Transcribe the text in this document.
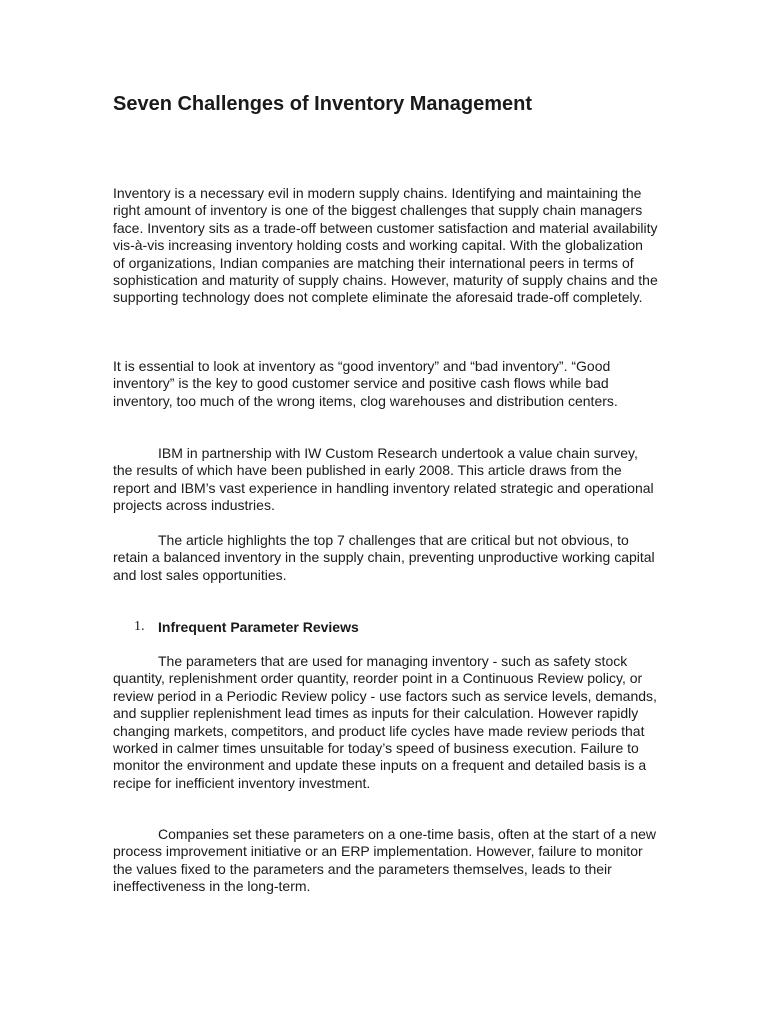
Seven Challenges of Inventory Management

Inventory is a necessary evil in modern supply chains. Identifying and maintaining the right amount of inventory is one of the biggest challenges that supply chain managers face. Inventory sits as a trade-off between customer satisfaction and material availability vis-à-vis increasing inventory holding costs and working capital. With the globalization of organizations, Indian companies are matching their international peers in terms of sophistication and maturity of supply chains. However, maturity of supply chains and the supporting technology does not complete eliminate the aforesaid trade-off completely.

It is essential to look at inventory as “good inventory” and “bad inventory”. “Good inventory” is the key to good customer service and positive cash flows while bad inventory, too much of the wrong items, clog warehouses and distribution centers.

IBM in partnership with IW Custom Research undertook a value chain survey, the results of which have been published in early 2008. This article draws from the report and IBM’s vast experience in handling inventory related strategic and operational projects across industries.

The article highlights the top 7 challenges that are critical but not obvious, to retain a balanced inventory in the supply chain, preventing unproductive working capital and lost sales opportunities.

1. Infrequent Parameter Reviews

The parameters that are used for managing inventory - such as safety stock quantity, replenishment order quantity, reorder point in a Continuous Review policy, or review period in a Periodic Review policy - use factors such as service levels, demands, and supplier replenishment lead times as inputs for their calculation. However rapidly changing markets, competitors, and product life cycles have made review periods that worked in calmer times unsuitable for today’s speed of business execution. Failure to monitor the environment and update these inputs on a frequent and detailed basis is a recipe for inefficient inventory investment.

Companies set these parameters on a one-time basis, often at the start of a new process improvement initiative or an ERP implementation. However, failure to monitor the values fixed to the parameters and the parameters themselves, leads to their ineffectiveness in the long-term.
